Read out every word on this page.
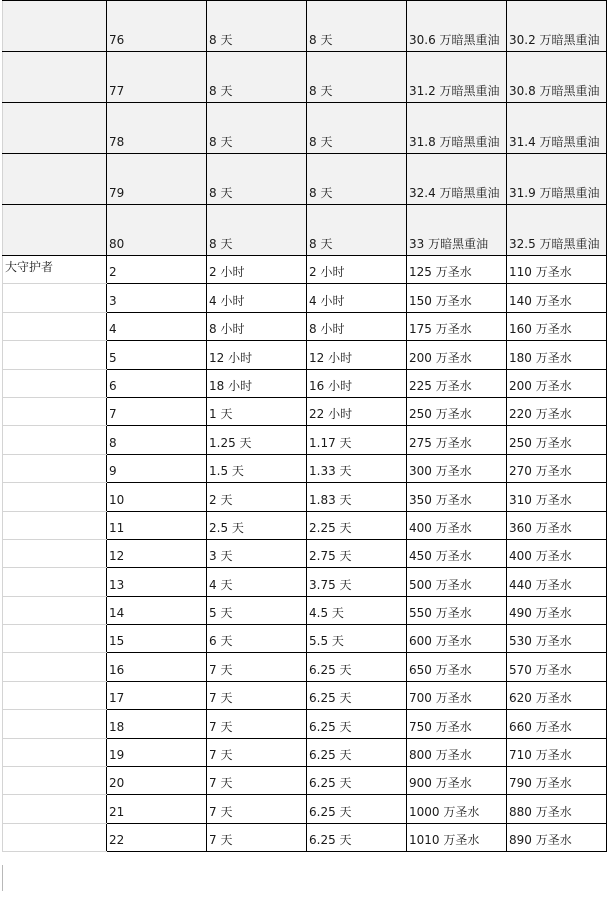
	76	8 天	8 天	30.6 万暗黑重油	30.2 万暗黑重油
	77	8 天	8 天	31.2 万暗黑重油	30.8 万暗黑重油
	78	8 天	8 天	31.8 万暗黑重油	31.4 万暗黑重油
	79	8 天	8 天	32.4 万暗黑重油	31.9 万暗黑重油
	80	8 天	8 天	33 万暗黑重油	32.5 万暗黑重油
大守护者	2	2 小时	2 小时	125 万圣水	110 万圣水
	3	4 小时	4 小时	150 万圣水	140 万圣水
	4	8 小时	8 小时	175 万圣水	160 万圣水
	5	12 小时	12 小时	200 万圣水	180 万圣水
	6	18 小时	16 小时	225 万圣水	200 万圣水
	7	1 天	22 小时	250 万圣水	220 万圣水
	8	1.25 天	1.17 天	275 万圣水	250 万圣水
	9	1.5 天	1.33 天	300 万圣水	270 万圣水
	10	2 天	1.83 天	350 万圣水	310 万圣水
	11	2.5 天	2.25 天	400 万圣水	360 万圣水
	12	3 天	2.75 天	450 万圣水	400 万圣水
	13	4 天	3.75 天	500 万圣水	440 万圣水
	14	5 天	4.5 天	550 万圣水	490 万圣水
	15	6 天	5.5 天	600 万圣水	530 万圣水
	16	7 天	6.25 天	650 万圣水	570 万圣水
	17	7 天	6.25 天	700 万圣水	620 万圣水
	18	7 天	6.25 天	750 万圣水	660 万圣水
	19	7 天	6.25 天	800 万圣水	710 万圣水
	20	7 天	6.25 天	900 万圣水	790 万圣水
	21	7 天	6.25 天	1000 万圣水	880 万圣水
	22	7 天	6.25 天	1010 万圣水	890 万圣水
